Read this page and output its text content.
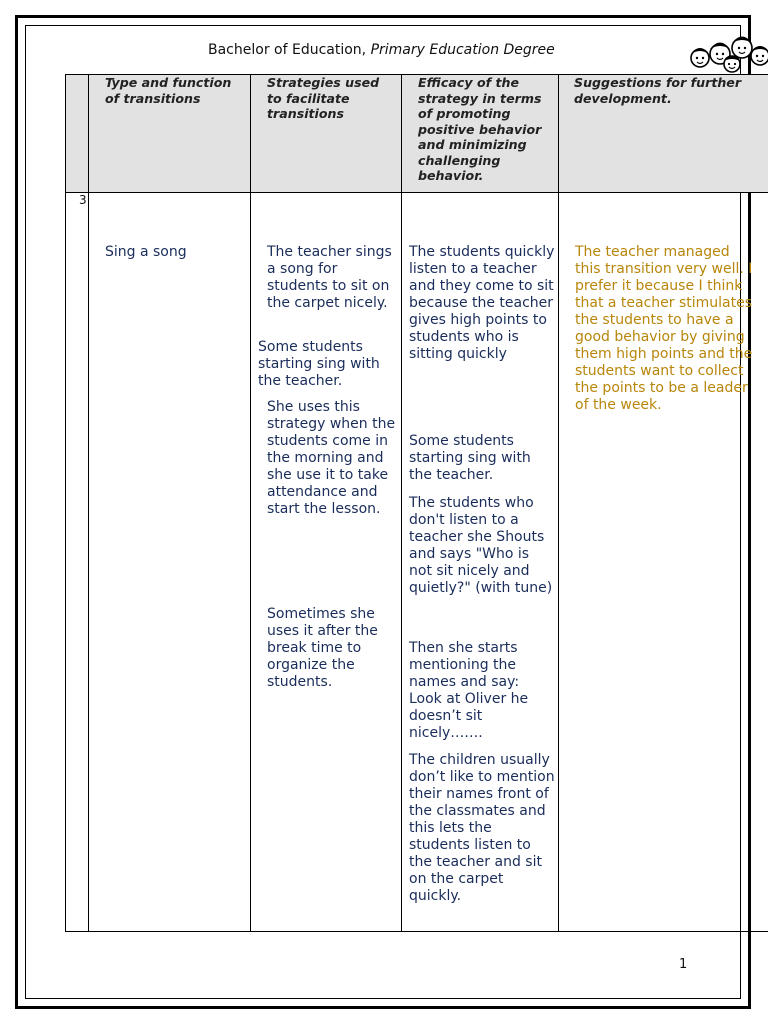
Bachelor of Education, Primary Education Degree
Type and function of transitions
Strategies used to facilitate transitions
Efficacy of the strategy in terms of promoting positive behavior and minimizing challenging behavior.
Suggestions for further development.
3
Sing a song	The teacher sings a song for students to sit on the carpet nicely.
Some students starting sing with the teacher.
She uses this strategy when the students come in the morning and she use it to take attendance and start the lesson.
Sometimes she uses it after the break time to organize the students.
The students quickly listen to a teacher and they come to sit because the teacher gives high points to students who is sitting quickly
Some students starting sing with the teacher.
The students who don't listen to a teacher she Shouts and says "Who is not sit nicely and quietly?" (with tune)
Then she starts mentioning the names and say: Look at Oliver he doesn’t sit nicely…….
The children usually don’t like to mention their names front of the classmates and this lets the students listen to the teacher and sit on the carpet quickly.
The teacher managed this transition very well. I prefer it because I think that a teacher stimulates the students to have a good behavior by giving them high points and the students want to collect the points to be a leader of the week.
1
